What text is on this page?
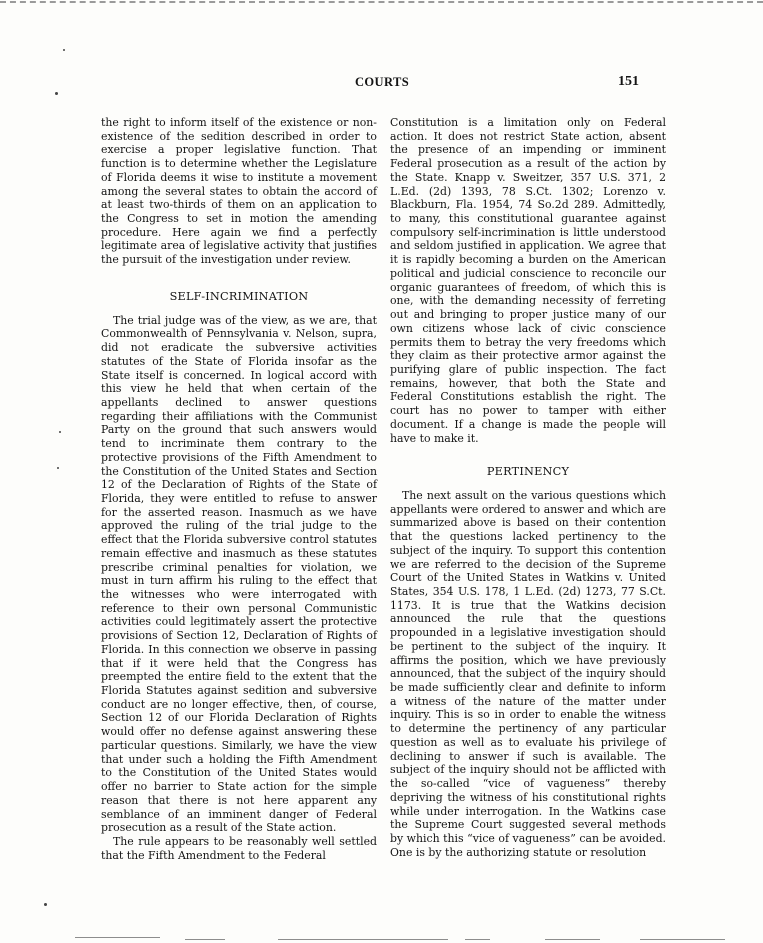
COURTS	151

the right to inform itself of the existence or non-existence of the sedition described in order to exercise a proper legislative function. That function is to determine whether the Legislature of Florida deems it wise to institute a movement among the several states to obtain the accord of at least two-thirds of them on an application to the Congress to set in motion the amending procedure. Here again we find a perfectly legitimate area of legislative activity that justifies the pursuit of the investigation under review.

SELF-INCRIMINATION

The trial judge was of the view, as we are, that Commonwealth of Pennsylvania v. Nelson, supra, did not eradicate the subversive activities statutes of the State of Florida insofar as the State itself is concerned. In logical accord with this view he held that when certain of the appellants declined to answer questions regarding their affiliations with the Communist Party on the ground that such answers would tend to incriminate them contrary to the protective provisions of the Fifth Amendment to the Constitution of the United States and Section 12 of the Declaration of Rights of the State of Florida, they were entitled to refuse to answer for the asserted reason. Inasmuch as we have approved the ruling of the trial judge to the effect that the Florida subversive control statutes remain effective and inasmuch as these statutes prescribe criminal penalties for violation, we must in turn affirm his ruling to the effect that the witnesses who were interrogated with reference to their own personal Communistic activities could legitimately assert the protective provisions of Section 12, Declaration of Rights of Florida. In this connection we observe in passing that if it were held that the Congress has preempted the entire field to the extent that the Florida Statutes against sedition and subversive conduct are no longer effective, then, of course, Section 12 of our Florida Declaration of Rights would offer no defense against answering these particular questions. Similarly, we have the view that under such a holding the Fifth Amendment to the Constitution of the United States would offer no barrier to State action for the simple reason that there is not here apparent any semblance of an imminent danger of Federal prosecution as a result of the State action.

The rule appears to be reasonably well settled that the Fifth Amendment to the Federal

Constitution is a limitation only on Federal action. It does not restrict State action, absent the presence of an impending or imminent Federal prosecution as a result of the action by the State. Knapp v. Sweitzer, 357 U.S. 371, 2 L.Ed. (2d) 1393, 78 S.Ct. 1302; Lorenzo v. Blackburn, Fla. 1954, 74 So.2d 289. Admittedly, to many, this constitutional guarantee against compulsory self-incrimination is little understood and seldom justified in application. We agree that it is rapidly becoming a burden on the American political and judicial conscience to reconcile our organic guarantees of freedom, of which this is one, with the demanding necessity of ferreting out and bringing to proper justice many of our own citizens whose lack of civic conscience permits them to betray the very freedoms which they claim as their protective armor against the purifying glare of public inspection. The fact remains, however, that both the State and Federal Constitutions establish the right. The court has no power to tamper with either document. If a change is made the people will have to make it.

PERTINENCY

The next assult on the various questions which appellants were ordered to answer and which are summarized above is based on their contention that the questions lacked pertinency to the subject of the inquiry. To support this contention we are referred to the decision of the Supreme Court of the United States in Watkins v. United States, 354 U.S. 178, 1 L.Ed. (2d) 1273, 77 S.Ct. 1173. It is true that the Watkins decision announced the rule that the questions propounded in a legislative investigation should be pertinent to the subject of the inquiry. It affirms the position, which we have previously announced, that the subject of the inquiry should be made sufficiently clear and definite to inform a witness of the nature of the matter under inquiry. This is so in order to enable the witness to determine the pertinency of any particular question as well as to evaluate his privilege of declining to answer if such is available. The subject of the inquiry should not be afflicted with the so-called “vice of vagueness” thereby depriving the witness of his constitutional rights while under interrogation. In the Watkins case the Supreme Court suggested several methods by which this “vice of vagueness” can be avoided. One is by the authorizing statute or resolution
